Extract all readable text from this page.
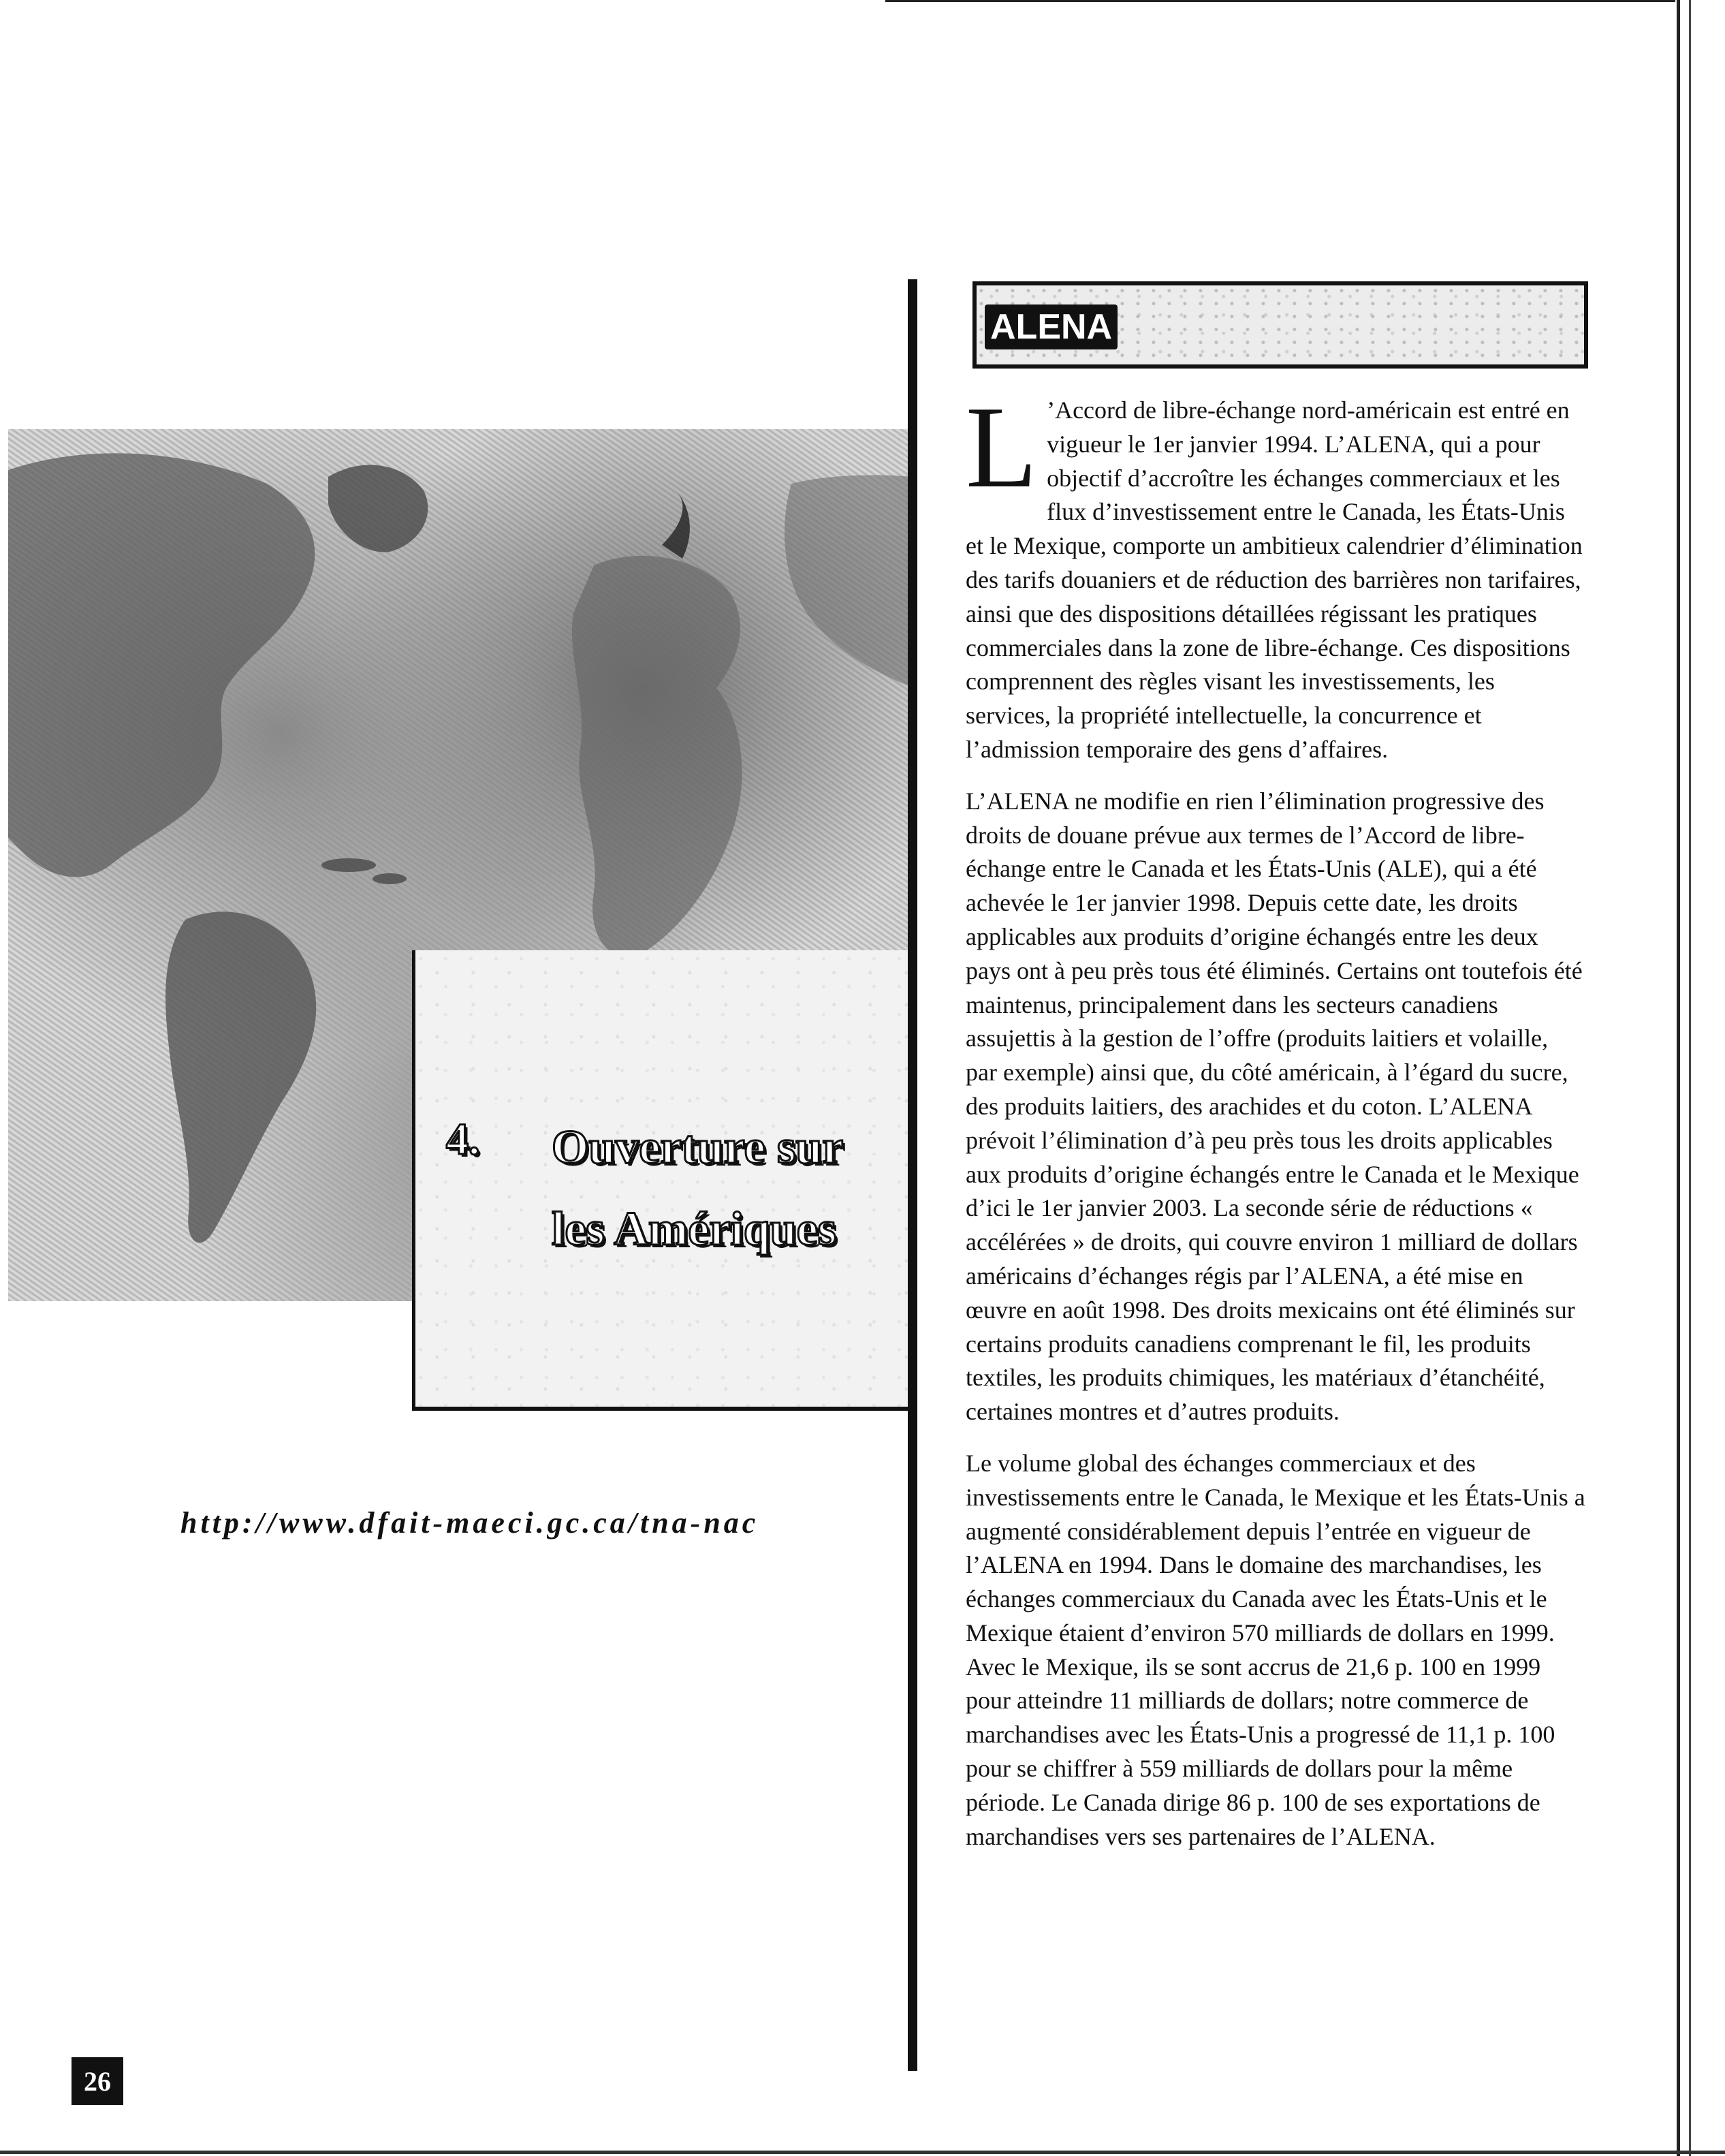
4. Ouverture sur
les Amériques
http://www.dfait-maeci.gc.ca/tna-nac
ALENA

L ’Accord de libre-échange nord-américain est entré en vigueur le 1er janvier 1994. L’ALENA, qui a pour objectif d’accroître les échanges commerciaux et les flux d’investissement entre le Canada, les États-Unis et le Mexique, comporte un ambitieux calendrier d’élimination des tarifs douaniers et de réduction des barrières non tarifaires, ainsi que des dispositions détaillées régissant les pratiques commerciales dans la zone de libre-échange. Ces dispositions comprennent des règles visant les investissements, les services, la propriété intellectuelle, la concurrence et l’admission temporaire des gens d’affaires.

L’ALENA ne modifie en rien l’élimination progressive des droits de douane prévue aux termes de l’Accord de libre-échange entre le Canada et les États-Unis (ALE), qui a été achevée le 1er janvier 1998. Depuis cette date, les droits applicables aux produits d’origine échangés entre les deux pays ont à peu près tous été éliminés. Certains ont toutefois été maintenus, principalement dans les secteurs canadiens assujettis à la gestion de l’offre (produits laitiers et volaille, par exemple) ainsi que, du côté américain, à l’égard du sucre, des produits laitiers, des arachides et du coton. L’ALENA prévoit l’élimination d’à peu près tous les droits applicables aux produits d’origine échangés entre le Canada et le Mexique d’ici le 1er janvier 2003. La seconde série de réductions « accélérées » de droits, qui couvre environ 1 milliard de dollars américains d’échanges régis par l’ALENA, a été mise en œuvre en août 1998. Des droits mexicains ont été éliminés sur certains produits canadiens comprenant le fil, les produits textiles, les produits chimiques, les matériaux d’étanchéité, certaines montres et d’autres produits.

Le volume global des échanges commerciaux et des investissements entre le Canada, le Mexique et les États-Unis a augmenté considérablement depuis l’entrée en vigueur de l’ALENA en 1994. Dans le domaine des marchandises, les échanges commerciaux du Canada avec les États-Unis et le Mexique étaient d’environ 570 milliards de dollars en 1999. Avec le Mexique, ils se sont accrus de 21,6 p. 100 en 1999 pour atteindre 11 milliards de dollars; notre commerce de marchandises avec les États-Unis a progressé de 11,1 p. 100 pour se chiffrer à 559 milliards de dollars pour la même période. Le Canada dirige 86 p. 100 de ses exportations de marchandises vers ses partenaires de l’ALENA.

26
